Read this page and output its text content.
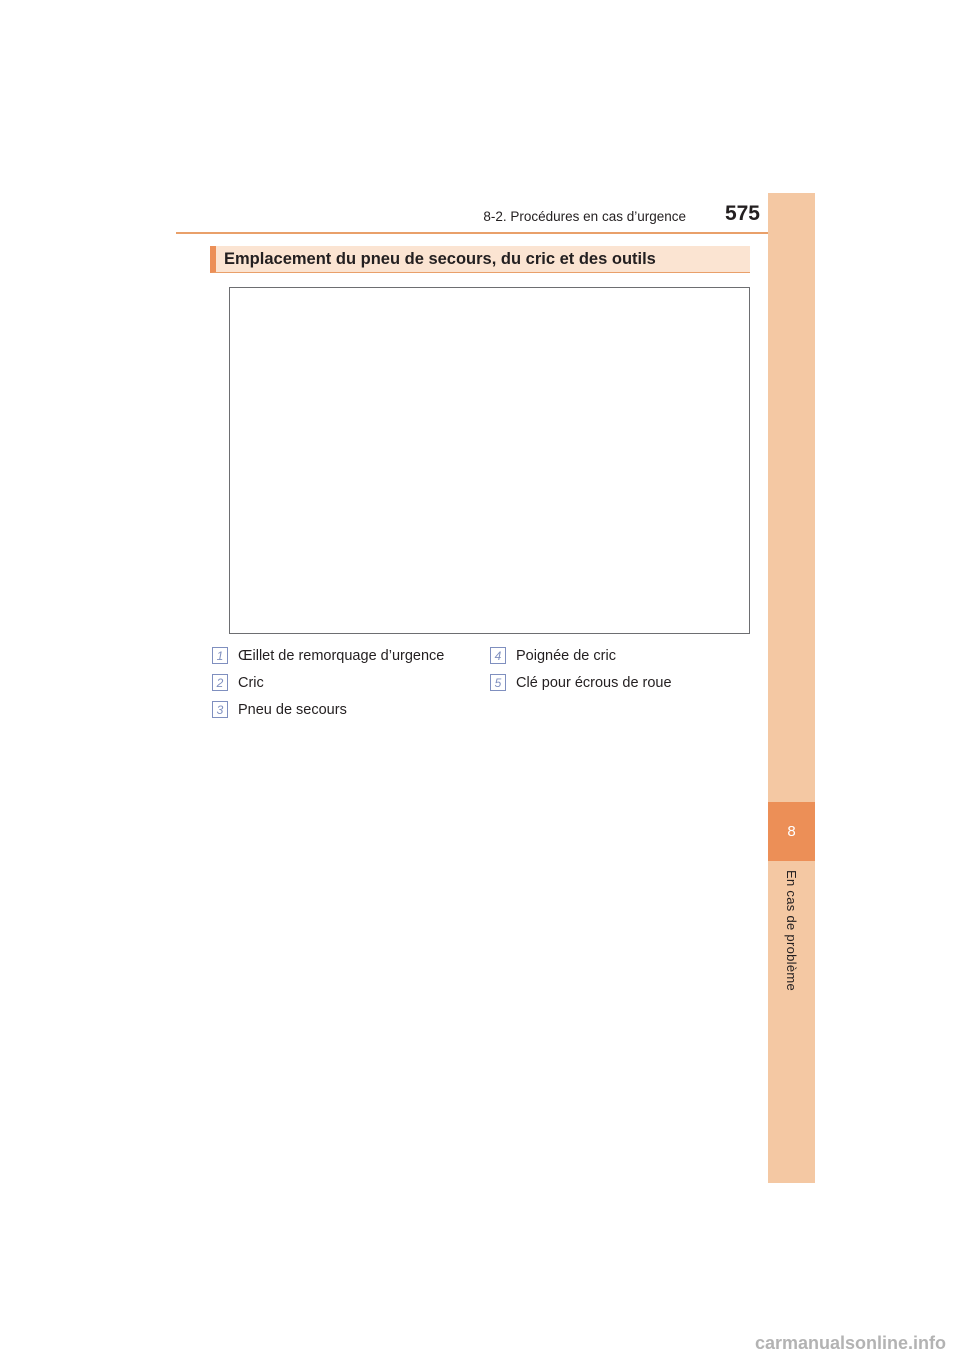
8-2. Procédures en cas d’urgence	575
8
En cas de problème
Emplacement du pneu de secours, du cric et des outils
1	Œillet de remorquage d’urgence
2	Cric
3	Pneu de secours
4	Poignée de cric
5	Clé pour écrous de roue
carmanualsonline.info
